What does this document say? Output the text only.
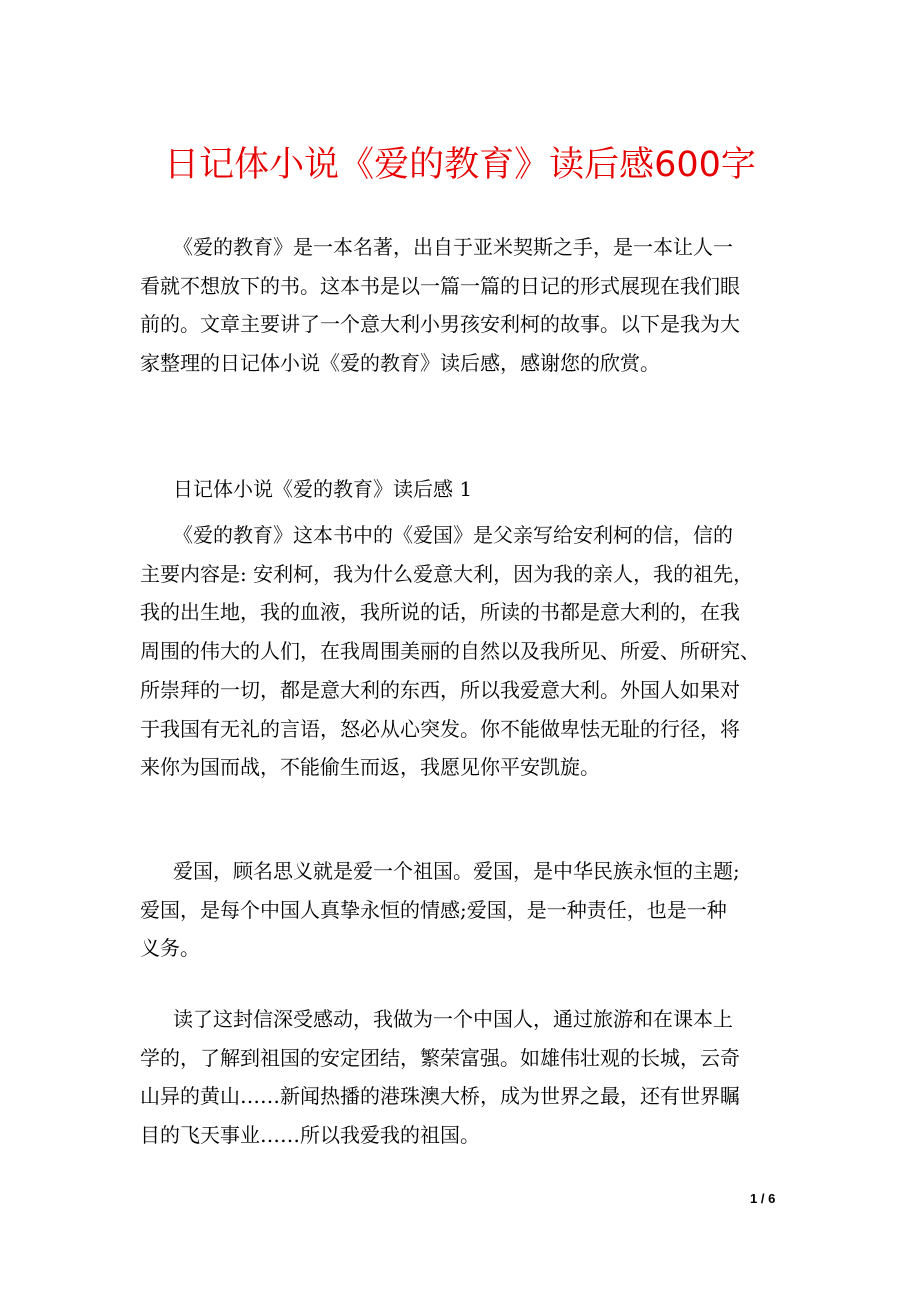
日记体小说《爱的教育》读后感600字
《爱的教育》是一本名著，出自于亚米契斯之手，是一本让人一
看就不想放下的书。这本书是以一篇一篇的日记的形式展现在我们眼
前的。文章主要讲了一个意大利小男孩安利柯的故事。以下是我为大
家整理的日记体小说《爱的教育》读后感，感谢您的欣赏。
日记体小说《爱的教育》读后感 1
《爱的教育》这本书中的《爱国》是父亲写给安利柯的信，信的
主要内容是: 安利柯，我为什么爱意大利，因为我的亲人，我的祖先，
我的出生地，我的血液，我所说的话，所读的书都是意大利的，在我
周围的伟大的人们，在我周围美丽的自然以及我所见、所爱、所研究、
所崇拜的一切，都是意大利的东西，所以我爱意大利。外国人如果对
于我国有无礼的言语，怒必从心突发。你不能做卑怯无耻的行径，将
来你为国而战，不能偷生而返，我愿见你平安凯旋。
爱国，顾名思义就是爱一个祖国。爱国，是中华民族永恒的主题;
爱国，是每个中国人真挚永恒的情感;爱国，是一种责任，也是一种
义务。
读了这封信深受感动，我做为一个中国人，通过旅游和在课本上
学的，了解到祖国的安定团结，繁荣富强。如雄伟壮观的长城，云奇
山异的黄山……新闻热播的港珠澳大桥，成为世界之最，还有世界瞩
目的飞天事业……所以我爱我的祖国。
1 / 6
